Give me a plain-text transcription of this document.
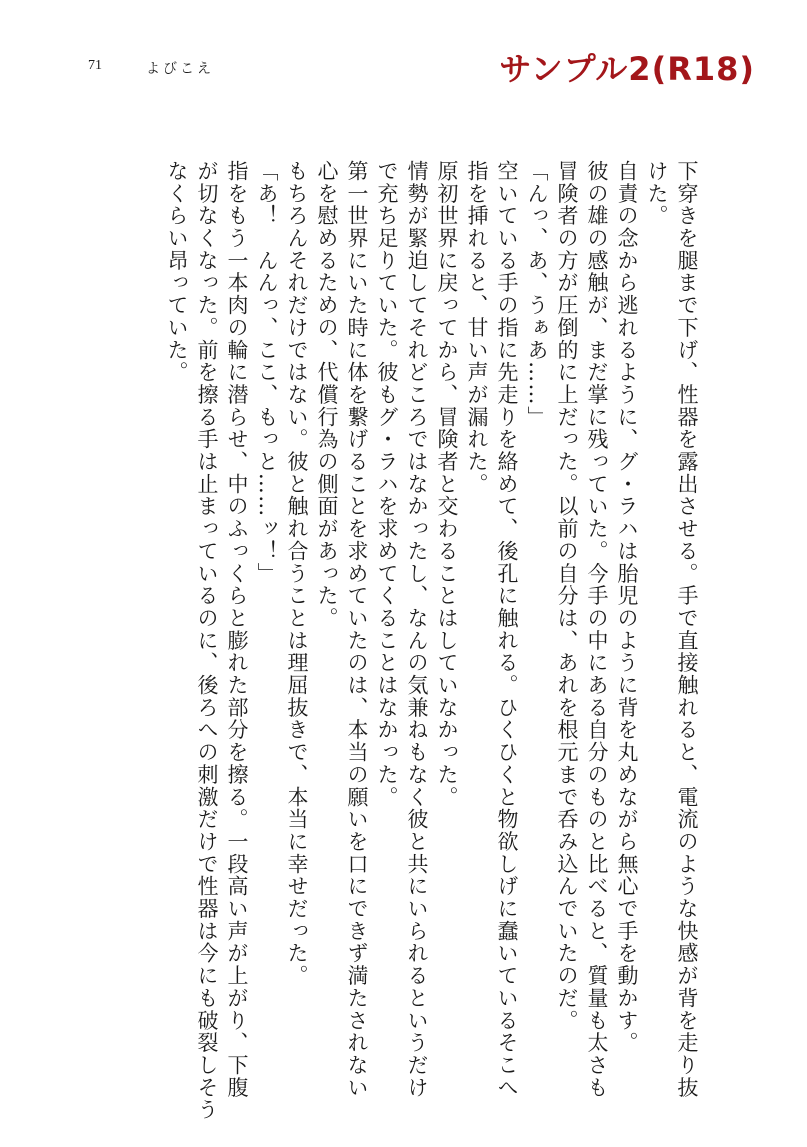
71	よびこえ	サンプル2(R18)
下穿きを腿まで下げ、性器を露出させる。手で直接触れると、電流のような快感が背を走り抜
けた。
自責の念から逃れるように、グ・ラハは胎児のように背を丸めながら無心で手を動かす。
彼の雄の感触が、まだ掌に残っていた。今手の中にある自分のものと比べると、質量も太さも
冒険者の方が圧倒的に上だった。以前の自分は、あれを根元まで呑み込んでいたのだ。
「んっ、あ、うぁあ……」
空いている手の指に先走りを絡めて、後孔に触れる。ひくひくと物欲しげに蠢いているそこへ
指を挿れると、甘い声が漏れた。
原初世界に戻ってから、冒険者と交わることはしていなかった。
情勢が緊迫してそれどころではなかったし、なんの気兼ねもなく彼と共にいられるというだけ
で充ち足りていた。彼もグ・ラハを求めてくることはなかった。
第一世界にいた時に体を繋げることを求めていたのは、本当の願いを口にできず満たされない
心を慰めるための、代償行為の側面があった。
もちろんそれだけではない。彼と触れ合うことは理屈抜きで、本当に幸せだった。
「あ！　んんっ、ここ、もっと……ッ！」
指をもう一本肉の輪に潜らせ、中のふっくらと膨れた部分を擦る。一段高い声が上がり、下腹
が切なくなった。前を擦る手は止まっているのに、後ろへの刺激だけで性器は今にも破裂しそう
なくらい昂っていた。
